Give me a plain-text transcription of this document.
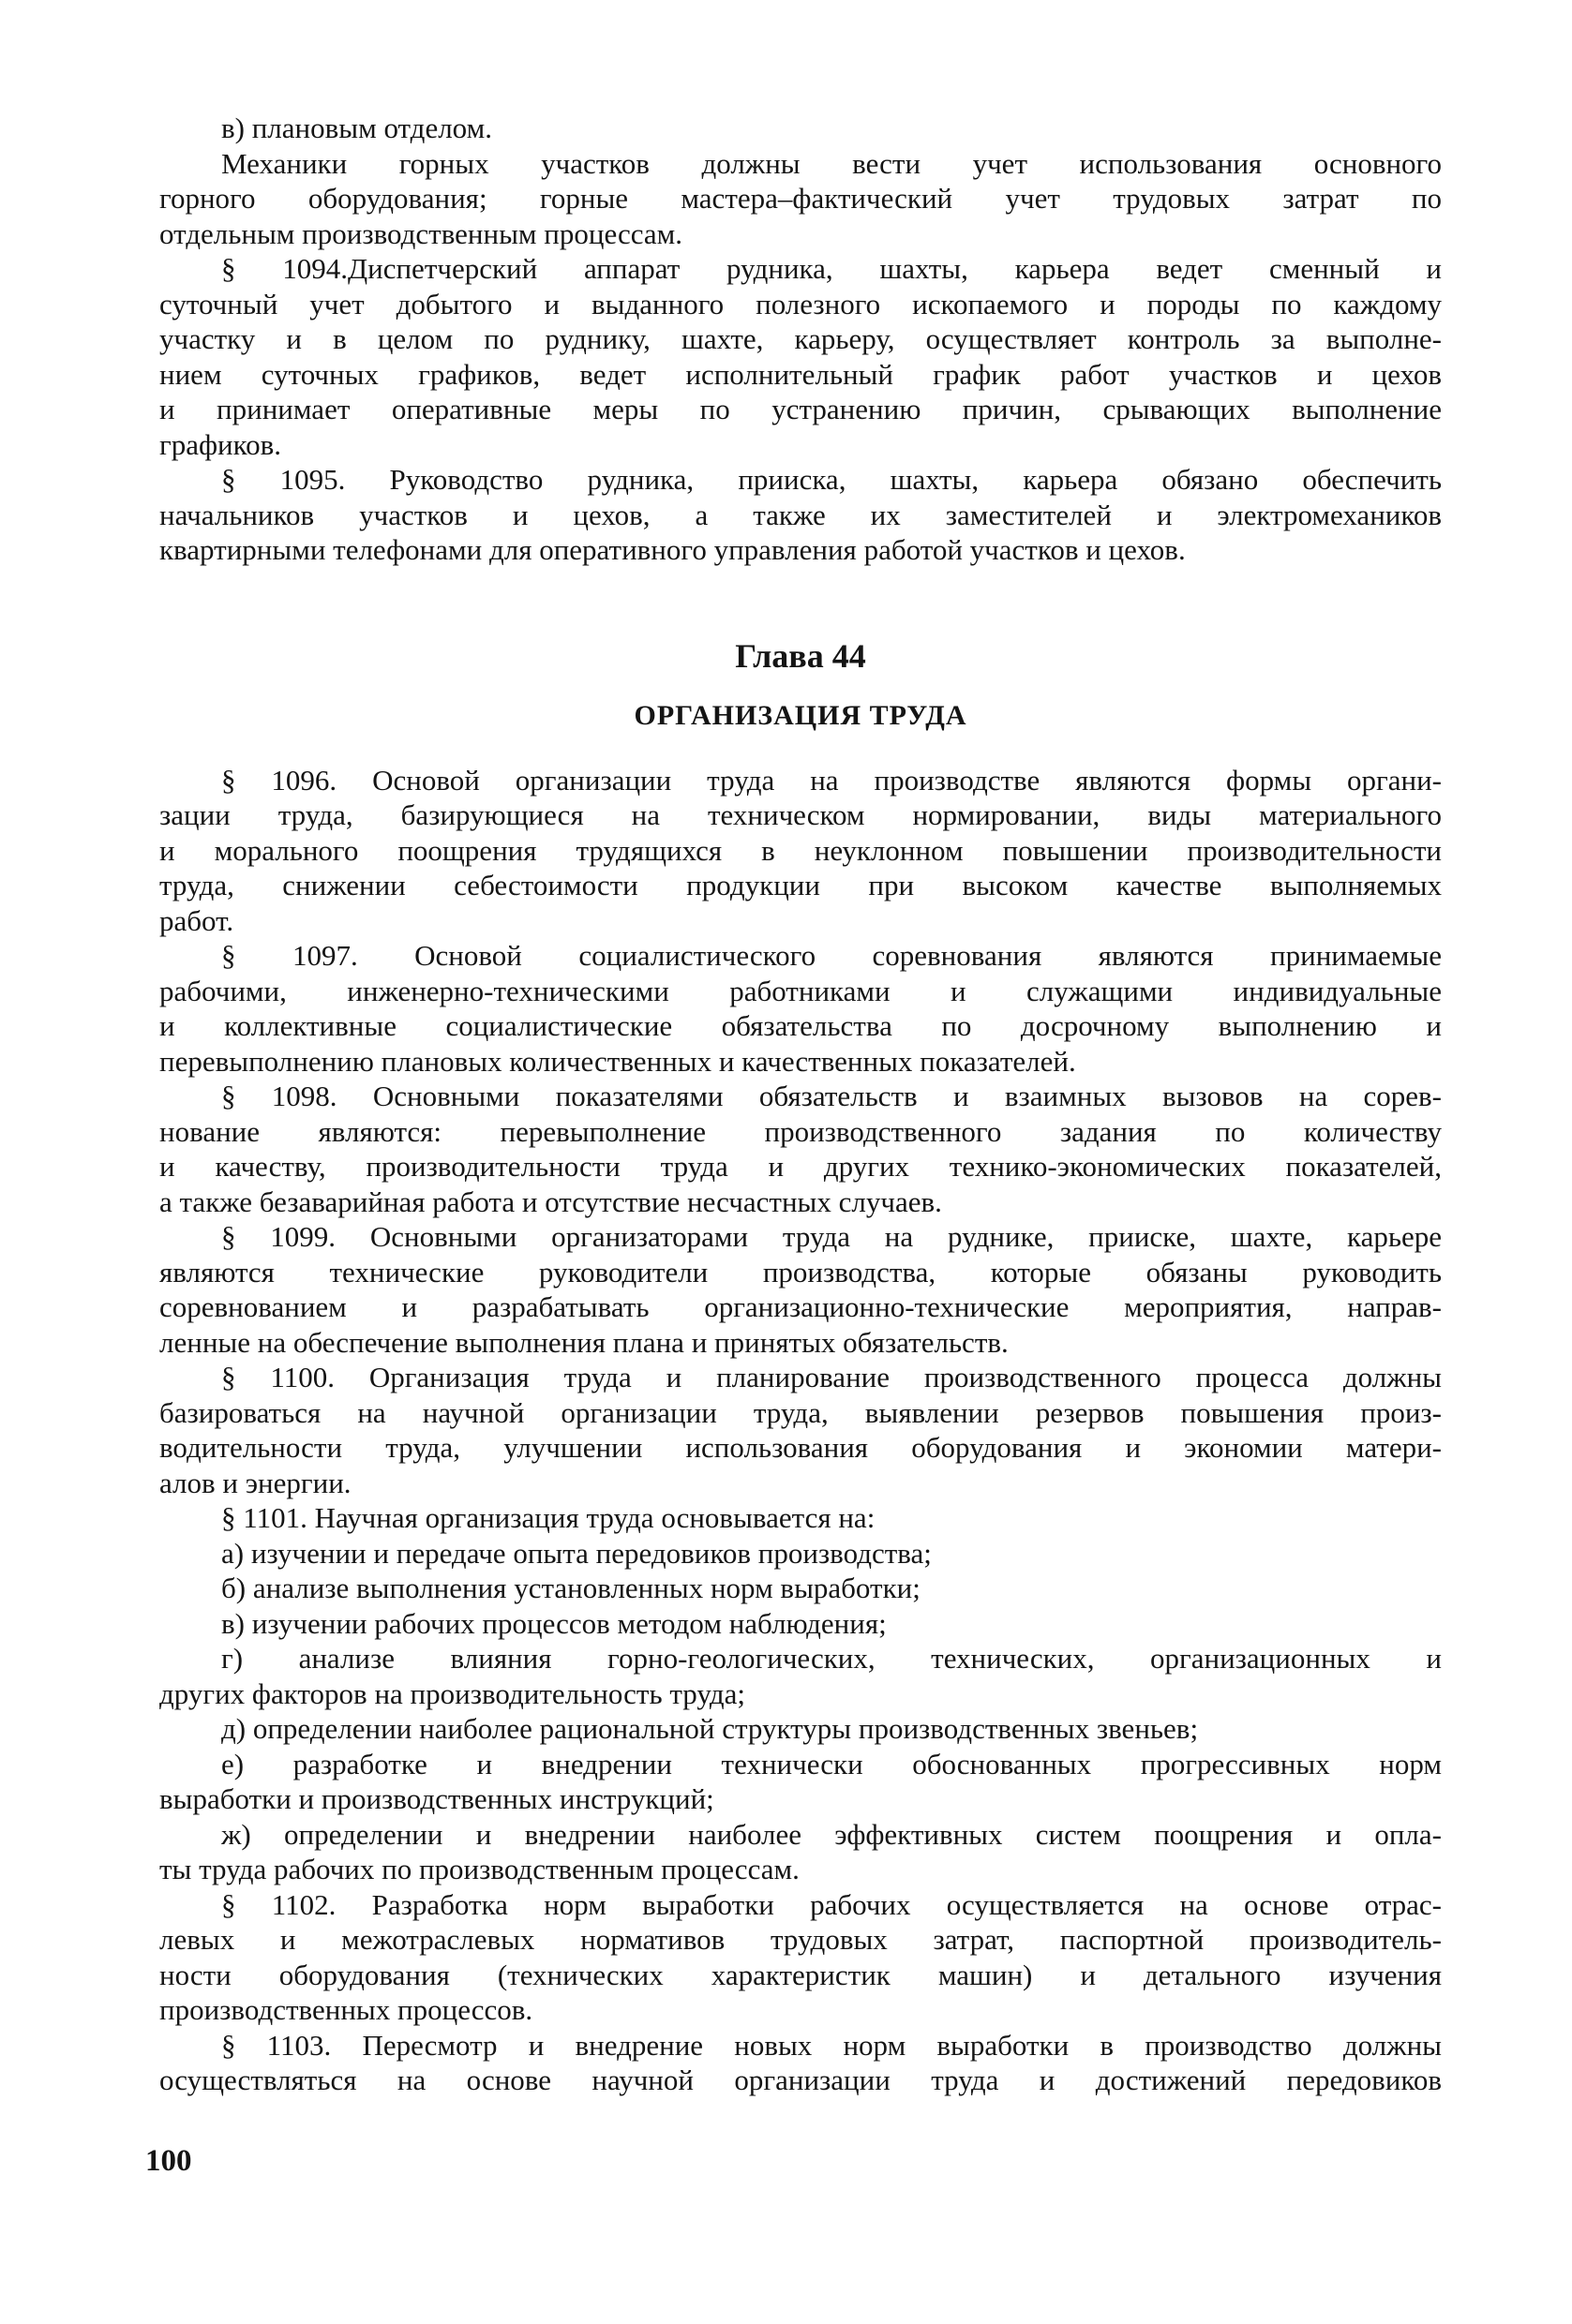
в) плановым отделом.
Механики горных участков должны вести учет использования основного
горного оборудования; горные мастера–фактический учет трудовых затрат по
отдельным производственным процессам.
§ 1094.Диспетчерский аппарат рудника, шахты, карьера ведет сменный и
суточный учет добытого и выданного полезного ископаемого и породы по каждому
участку и в целом по руднику, шахте, карьеру, осуществляет контроль за выполне-
нием суточных графиков, ведет исполнительный график работ участков и цехов
и принимает оперативные меры по устранению причин, срывающих выполнение
графиков.
§ 1095. Руководство рудника, прииска, шахты, карьера обязано обеспечить
начальников участков и цехов, а также их заместителей и электромехаников
квартирными телефонами для оперативного управления работой участков и цехов.
Глава 44
ОРГАНИЗАЦИЯ ТРУДА
§ 1096. Основой организации труда на производстве являются формы органи-
зации труда, базирующиеся на техническом нормировании, виды материального
и морального поощрения трудящихся в неуклонном повышении производительности
труда, снижении себестоимости продукции при высоком качестве выполняемых
работ.
§ 1097. Основой социалистического соревнования являются принимаемые
рабочими, инженерно-техническими работниками и служащими индивидуальные
и коллективные социалистические обязательства по досрочному выполнению и
перевыполнению плановых количественных и качественных показателей.
§ 1098. Основными показателями обязательств и взаимных вызовов на сорев-
нование являются: перевыполнение производственного задания по количеству
и качеству, производительности труда и других технико-экономических показателей,
а также безаварийная работа и отсутствие несчастных случаев.
§ 1099. Основными организаторами труда на руднике, прииске, шахте, карьере
являются технические руководители производства, которые обязаны руководить
соревнованием и разрабатывать организационно-технические мероприятия, направ-
ленные на обеспечение выполнения плана и принятых обязательств.
§ 1100. Организация труда и планирование производственного процесса должны
базироваться на научной организации труда, выявлении резервов повышения произ-
водительности труда, улучшении использования оборудования и экономии матери-
алов и энергии.
§ 1101. Научная организация труда основывается на:
а) изучении и передаче опыта передовиков производства;
б) анализе выполнения установленных норм выработки;
в) изучении рабочих процессов методом наблюдения;
г) анализе влияния горно-геологических, технических, организационных и
других факторов на производительность труда;
д) определении наиболее рациональной структуры производственных звеньев;
е) разработке и внедрении технически обоснованных прогрессивных норм
выработки и производственных инструкций;
ж) определении и внедрении наиболее эффективных систем поощрения и опла-
ты труда рабочих по производственным процессам.
§ 1102. Разработка норм выработки рабочих осуществляется на основе отрас-
левых и межотраслевых нормативов трудовых затрат, паспортной производитель-
ности оборудования (технических характеристик машин) и детального изучения
производственных процессов.
§ 1103. Пересмотр и внедрение новых норм выработки в производство должны
осуществляться на основе научной организации труда и достижений передовиков
100
